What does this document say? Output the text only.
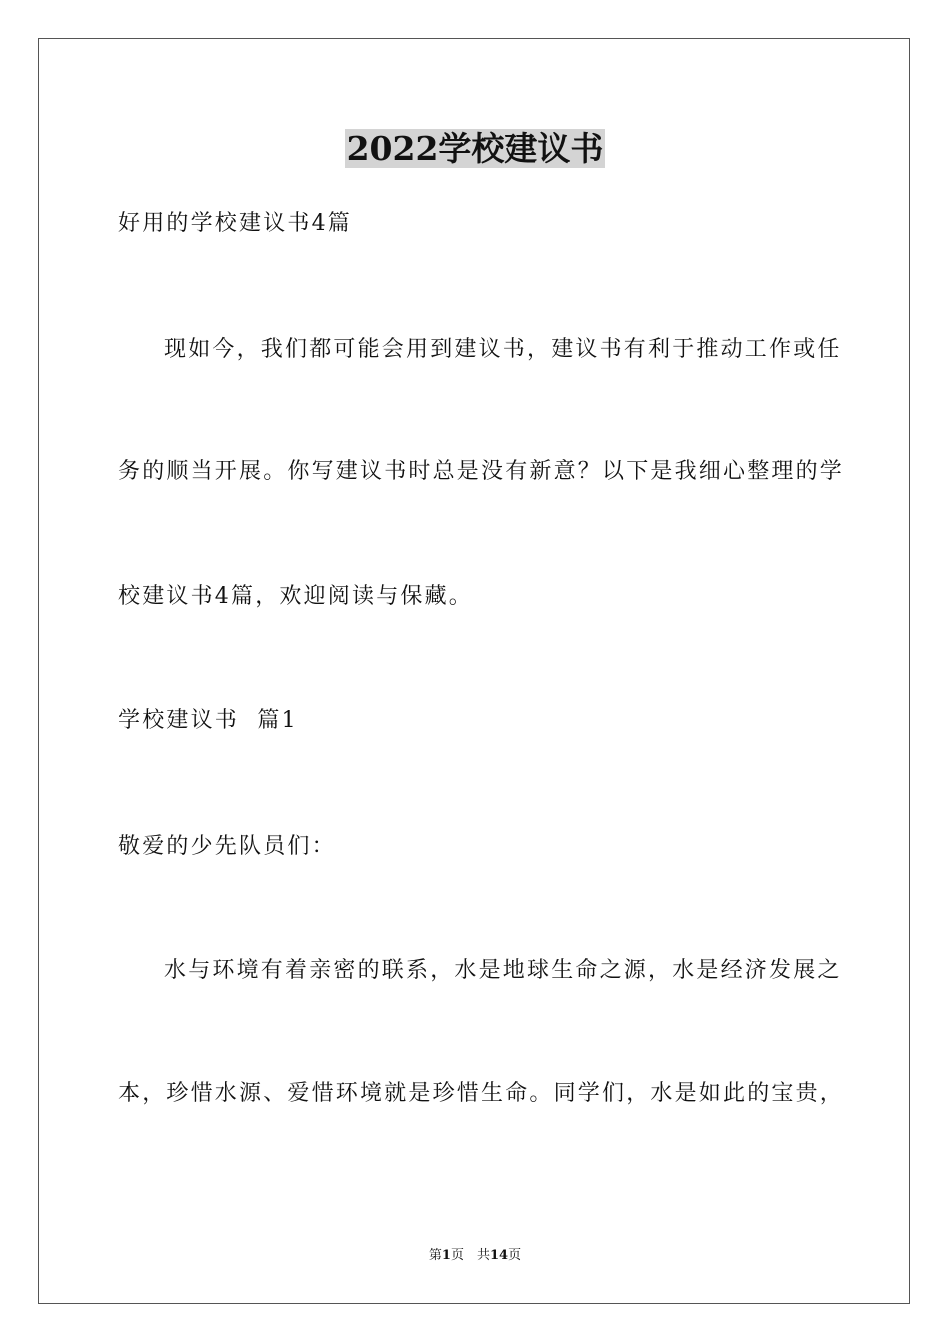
2022学校建议书
好用的学校建议书4篇
现如今，我们都可能会用到建议书，建议书有利于推动工作或任
务的顺当开展。你写建议书时总是没有新意？以下是我细心整理的学
校建议书4篇，欢迎阅读与保藏。
学校建议书  篇1
敬爱的少先队员们：
水与环境有着亲密的联系，水是地球生命之源，水是经济发展之
本，珍惜水源、爱惜环境就是珍惜生命。同学们，水是如此的宝贵，
第1页　共14页
